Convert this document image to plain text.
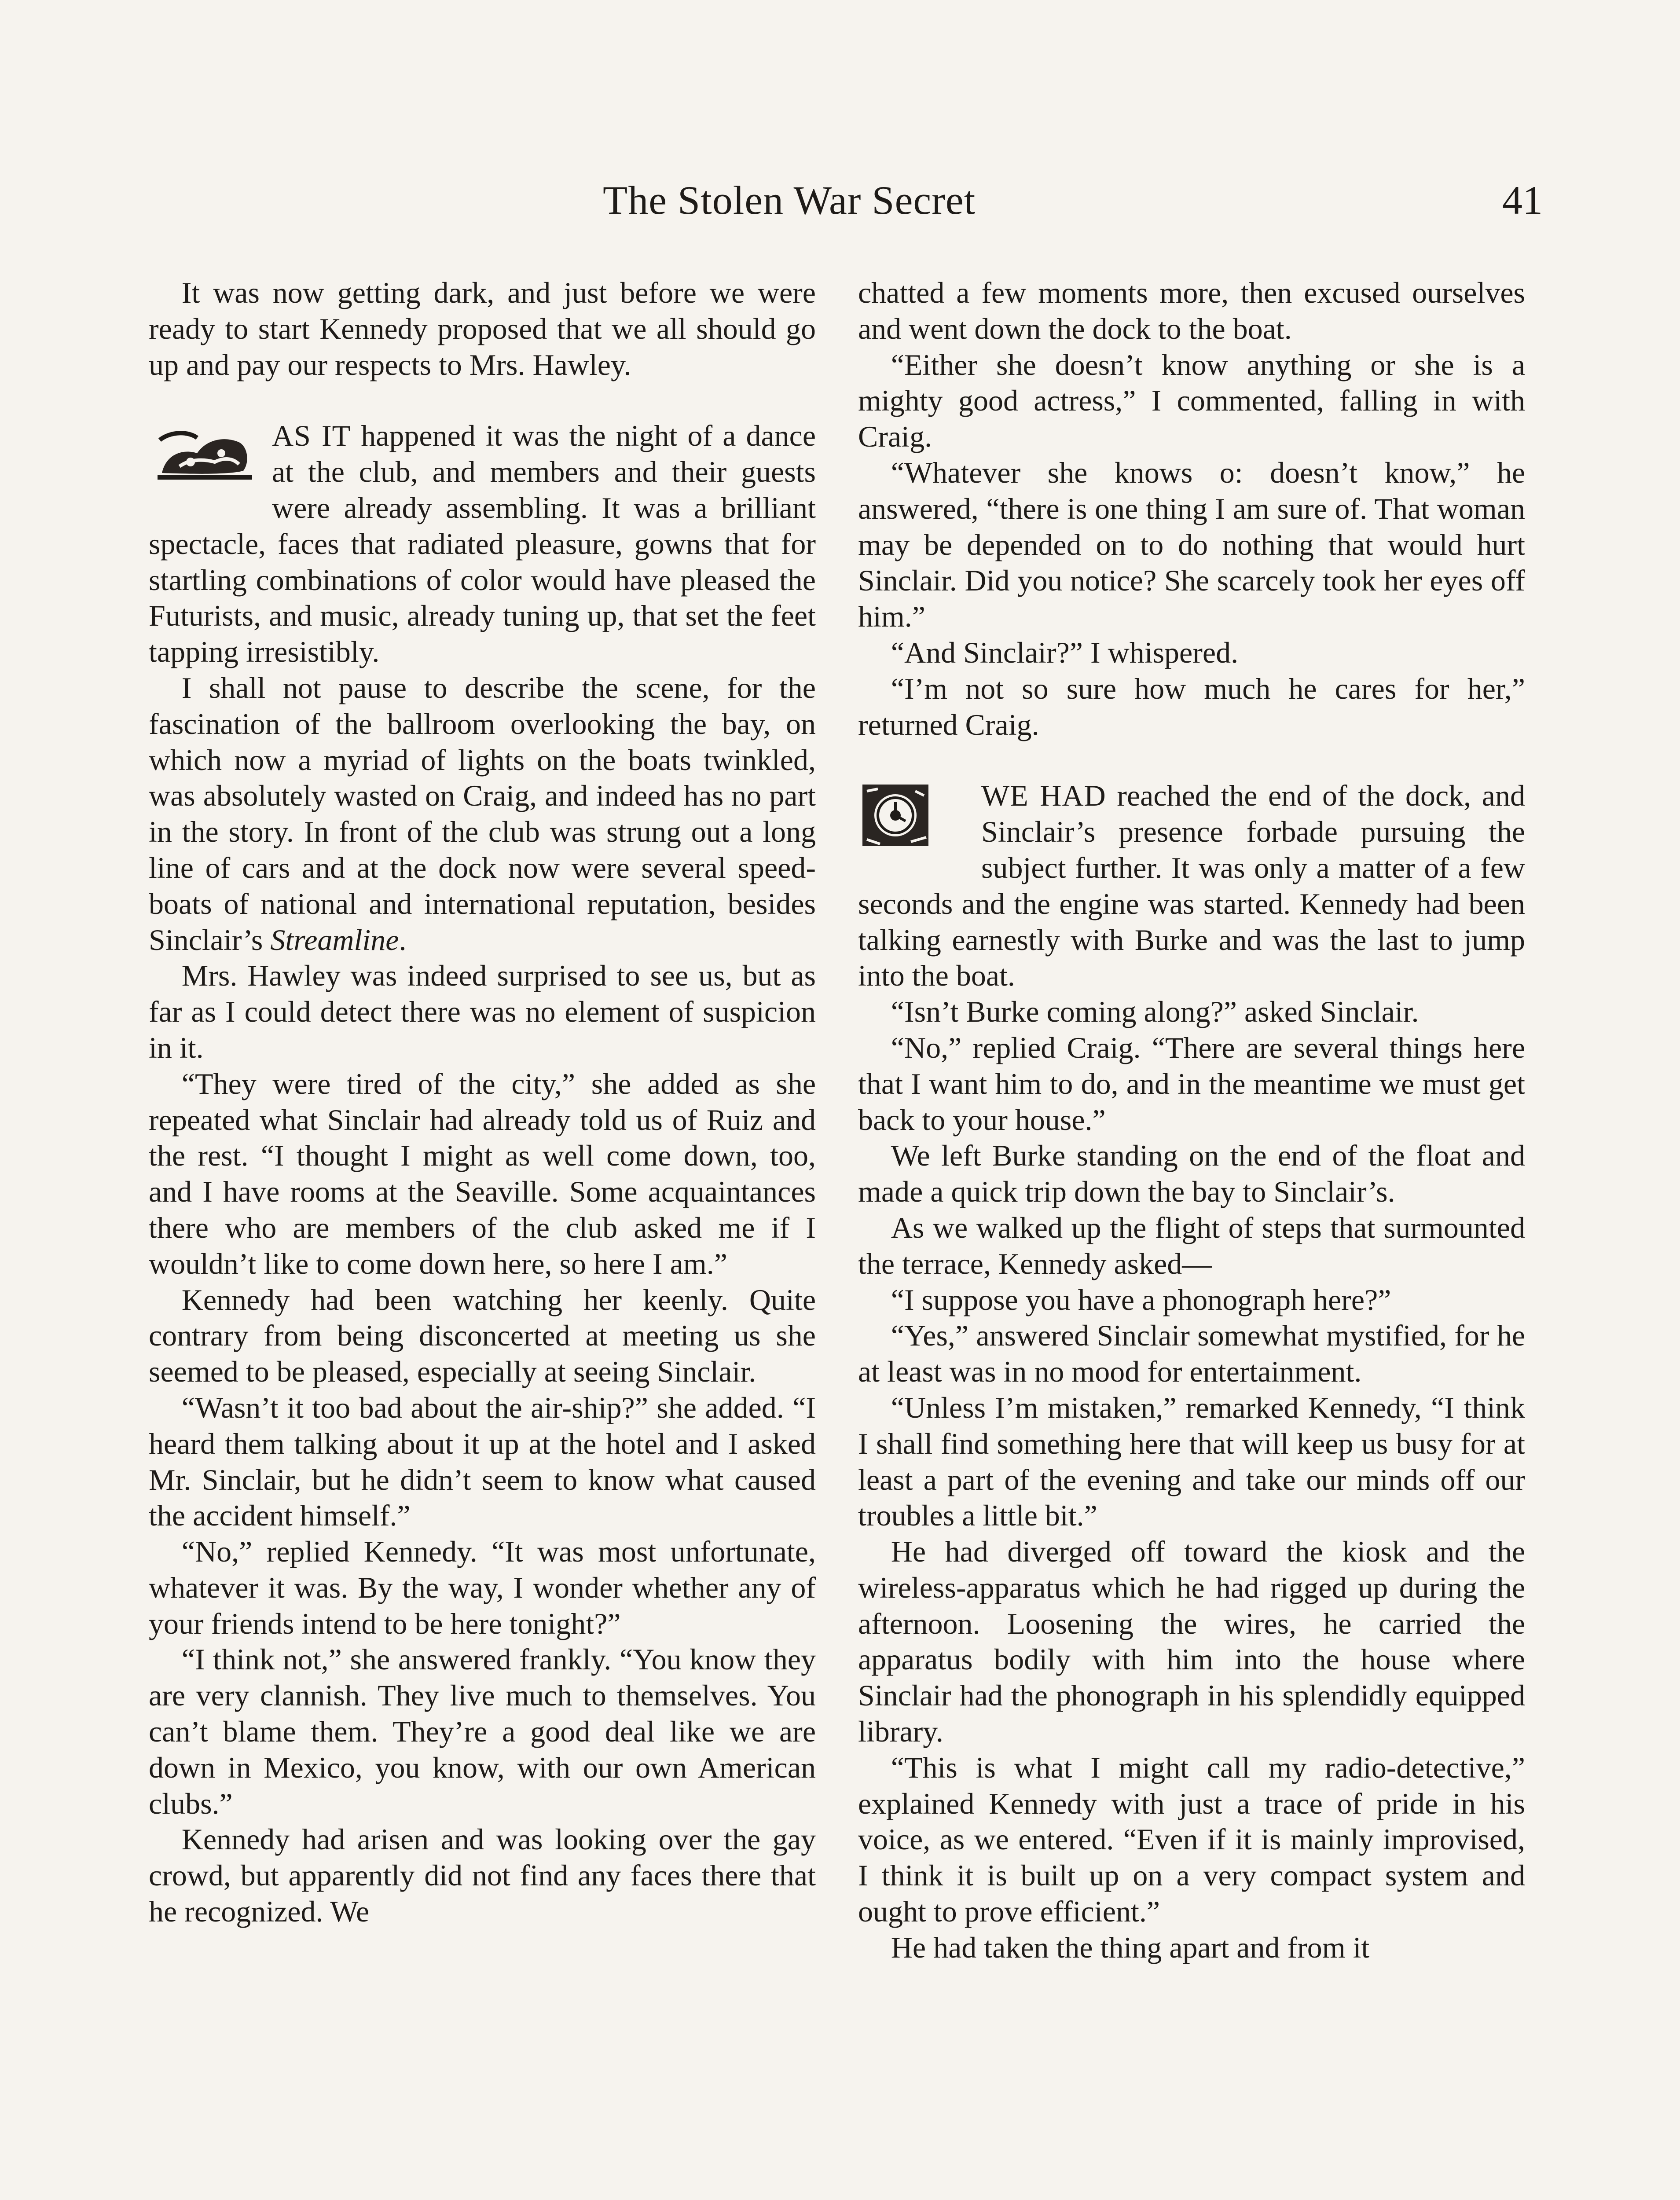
The Stolen War Secret	41

It was now getting dark, and just before we were ready to start Kennedy proposed that we all should go up and pay our respects to Mrs. Hawley.

AS IT happened it was the night of a dance at the club, and members and their guests were already assembling. It was a brilliant spectacle, faces that radiated pleasure, gowns that for startling combinations of color would have pleased the Futurists, and music, already tuning up, that set the feet tapping irresistibly.

I shall not pause to describe the scene, for the fascination of the ballroom overlooking the bay, on which now a myriad of lights on the boats twinkled, was absolutely wasted on Craig, and indeed has no part in the story. In front of the club was strung out a long line of cars and at the dock now were several speed-boats of national and international reputation, besides Sinclair’s Streamline.

Mrs. Hawley was indeed surprised to see us, but as far as I could detect there was no element of suspicion in it.

“They were tired of the city,” she added as she repeated what Sinclair had already told us of Ruiz and the rest. “I thought I might as well come down, too, and I have rooms at the Seaville. Some acquaintances there who are members of the club asked me if I wouldn’t like to come down here, so here I am.”

Kennedy had been watching her keenly. Quite contrary from being disconcerted at meeting us she seemed to be pleased, especially at seeing Sinclair.

“Wasn’t it too bad about the air-ship?” she added. “I heard them talking about it up at the hotel and I asked Mr. Sinclair, but he didn’t seem to know what caused the accident himself.”

“No,” replied Kennedy. “It was most unfortunate, whatever it was. By the way, I wonder whether any of your friends intend to be here tonight?”

“I think not,” she answered frankly. “You know they are very clannish. They live much to themselves. You can’t blame them. They’re a good deal like we are down in Mexico, you know, with our own American clubs.”

Kennedy had arisen and was looking over the gay crowd, but apparently did not find any faces there that he recognized. We

chatted a few moments more, then excused ourselves and went down the dock to the boat.

“Either she doesn’t know anything or she is a mighty good actress,” I commented, falling in with Craig.

“Whatever she knows o: doesn’t know,” he answered, “there is one thing I am sure of. That woman may be depended on to do nothing that would hurt Sinclair. Did you notice? She scarcely took her eyes off him.”

“And Sinclair?” I whispered.

“I’m not so sure how much he cares for her,” returned Craig.

WE HAD reached the end of the dock, and Sinclair’s presence forbade pursuing the subject further. It was only a matter of a few seconds and the engine was started. Kennedy had been talking earnestly with Burke and was the last to jump into the boat.

“Isn’t Burke coming along?” asked Sinclair.

“No,” replied Craig. “There are several things here that I want him to do, and in the meantime we must get back to your house.”

We left Burke standing on the end of the float and made a quick trip down the bay to Sinclair’s.

As we walked up the flight of steps that surmounted the terrace, Kennedy asked—

“I suppose you have a phonograph here?”

“Yes,” answered Sinclair somewhat mystified, for he at least was in no mood for entertainment.

“Unless I’m mistaken,” remarked Kennedy, “I think I shall find something here that will keep us busy for at least a part of the evening and take our minds off our troubles a little bit.”

He had diverged off toward the kiosk and the wireless-apparatus which he had rigged up during the afternoon. Loosening the wires, he carried the apparatus bodily with him into the house where Sinclair had the phonograph in his splendidly equipped library.

“This is what I might call my radio-detective,” explained Kennedy with just a trace of pride in his voice, as we entered. “Even if it is mainly improvised, I think it is built up on a very compact system and ought to prove efficient.”

He had taken the thing apart and from it
